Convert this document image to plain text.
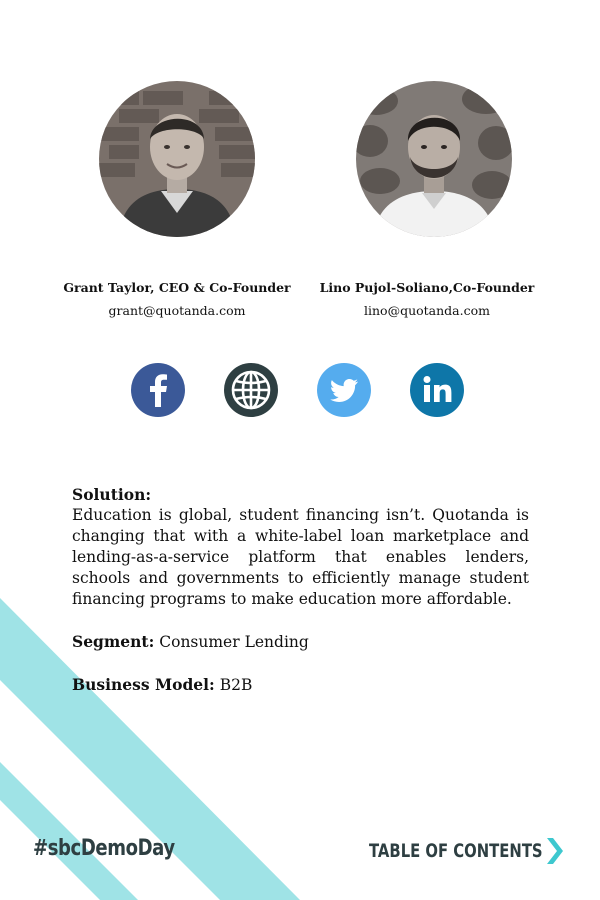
Grant Taylor, CEO & Co-Founder
grant@quotanda.com
Lino Pujol-Soliano,Co-Founder
lino@quotanda.com
Solution:

Education is global, student financing isn’t. Quotanda is changing that with a white-label loan marketplace and lending-as-a-service platform that enables lenders, schools and governments to efficiently manage student financing programs to make education more affordable.

Segment: Consumer Lending
Business Model: B2B
#sbcDemoDay	TABLE OF CONTENTS
